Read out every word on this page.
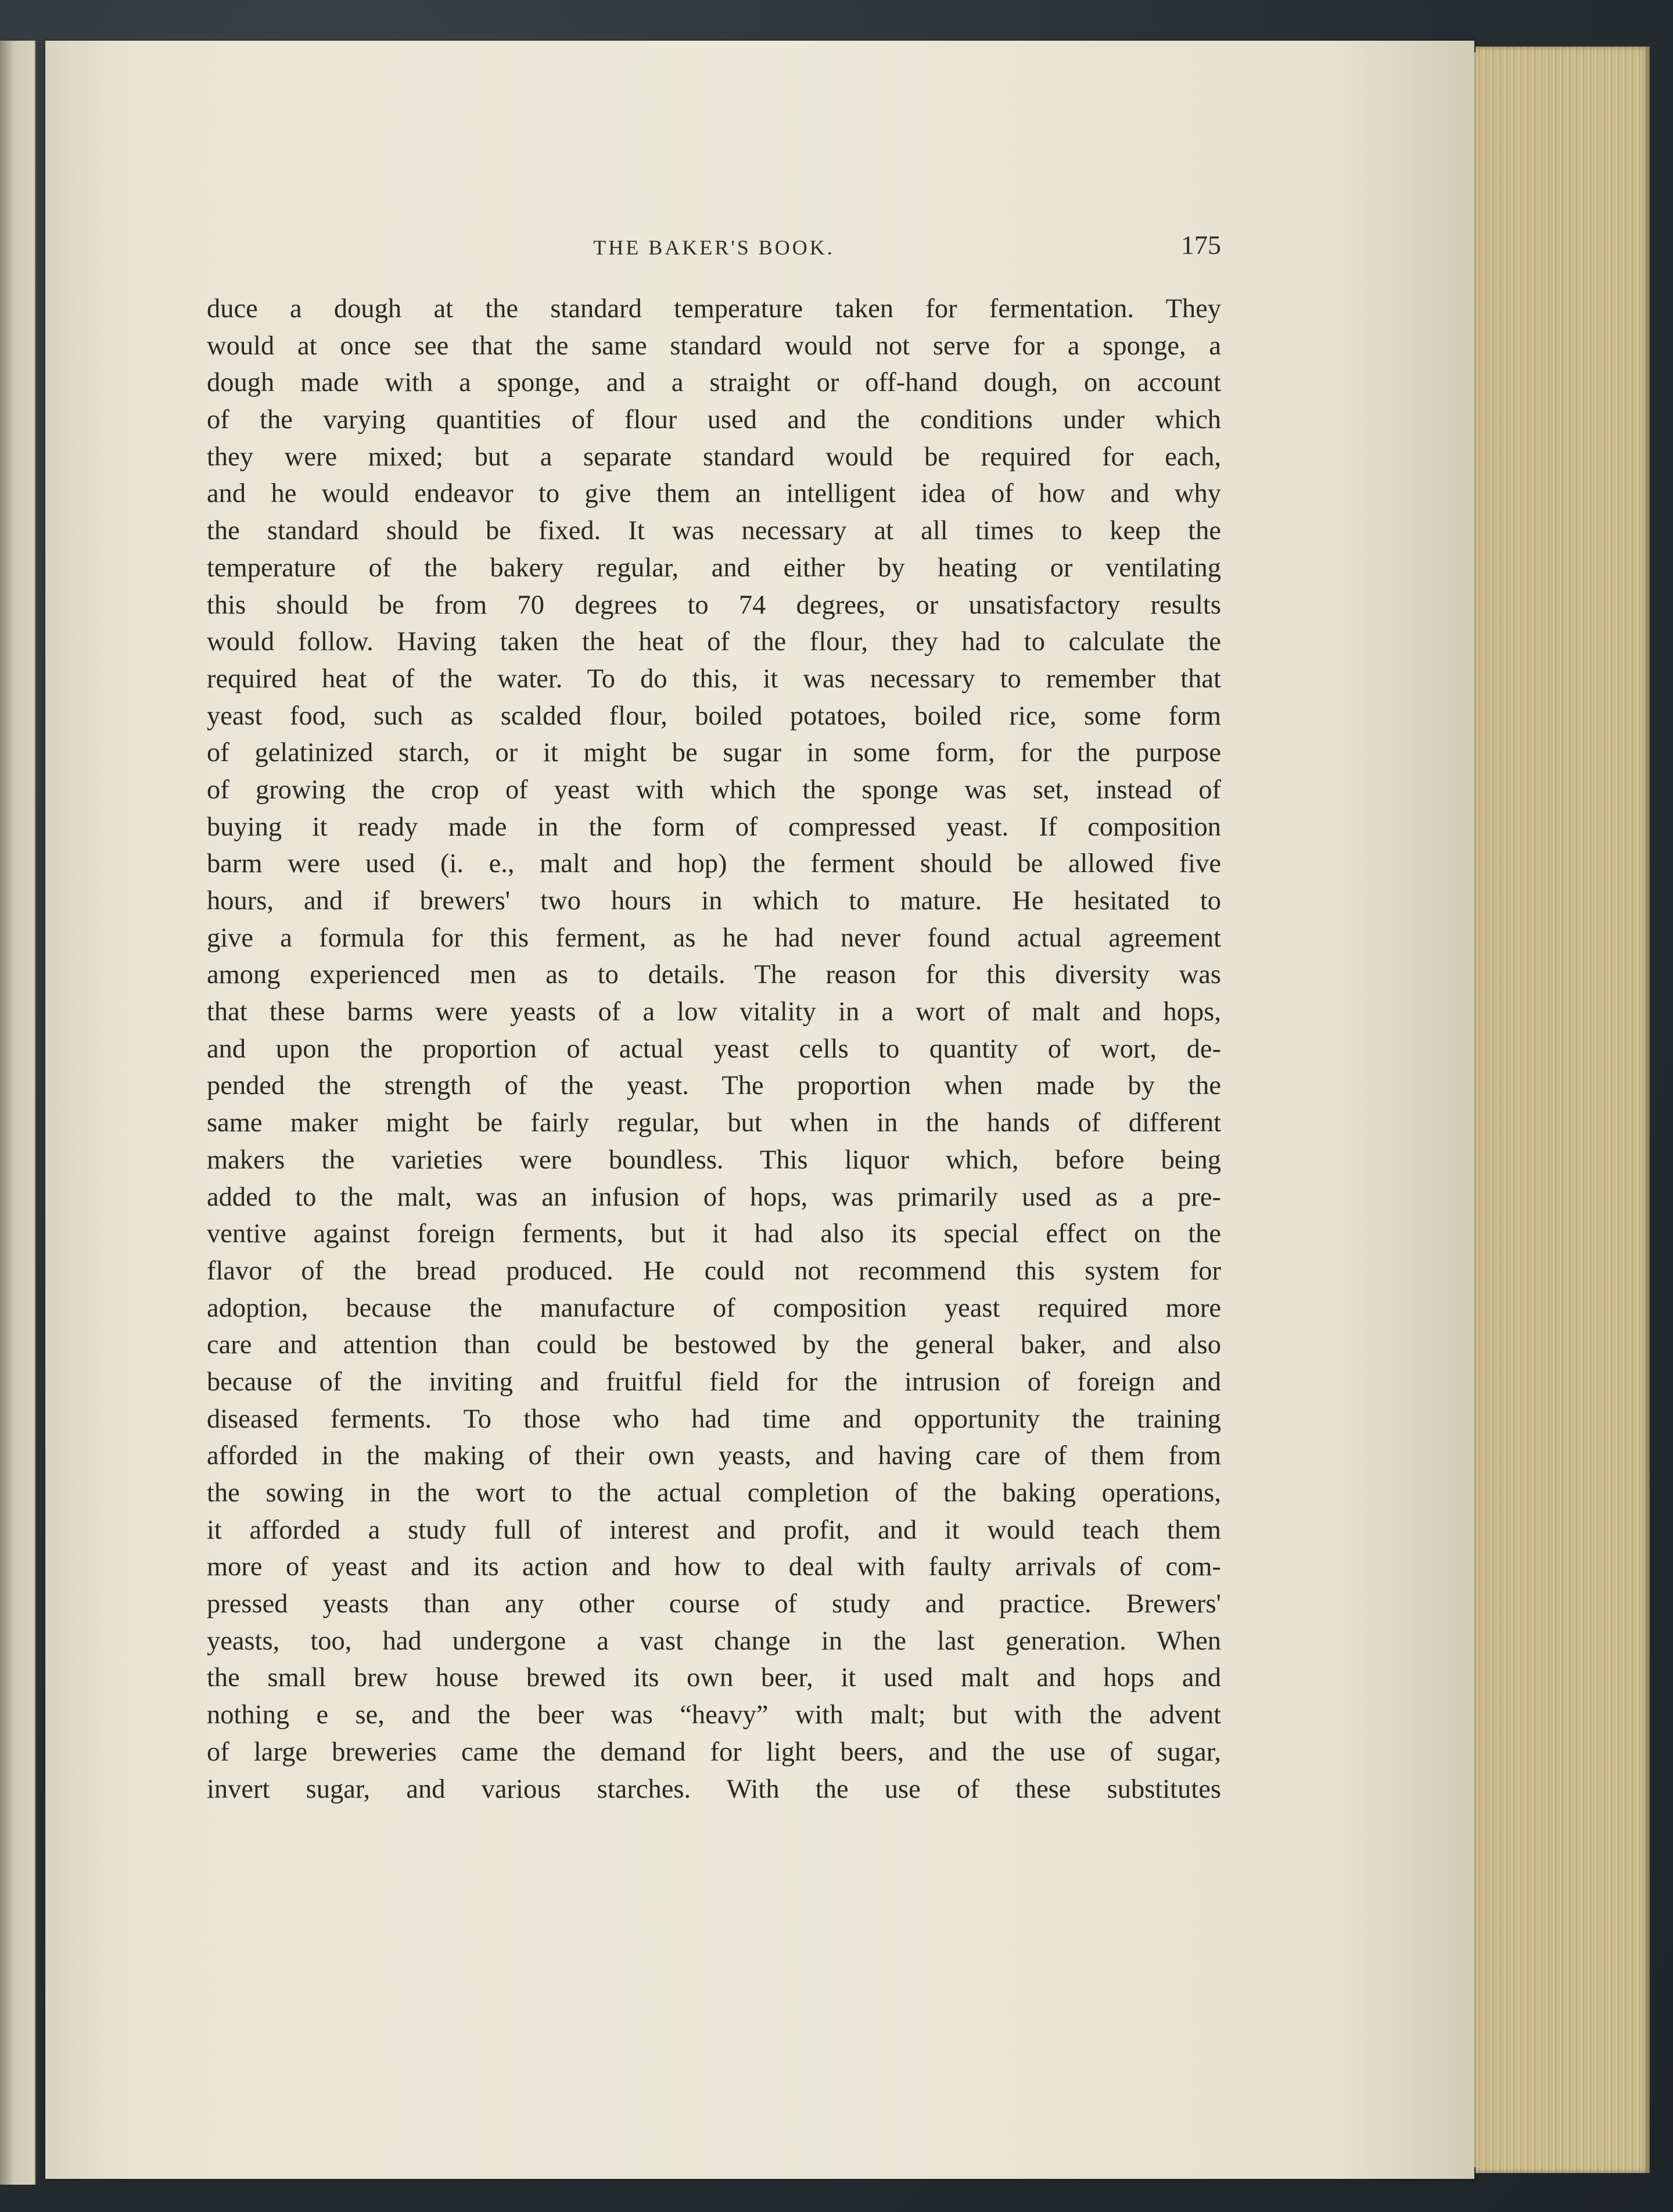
THE BAKER'S BOOK.	175
duce a dough at the standard temperature taken for fermentation. They
would at once see that the same standard would not serve for a sponge, a
dough made with a sponge, and a straight or off-hand dough, on account
of the varying quantities of flour used and the conditions under which
they were mixed; but a separate standard would be required for each,
and he would endeavor to give them an intelligent idea of how and why
the standard should be fixed. It was necessary at all times to keep the
temperature of the bakery regular, and either by heating or ventilating
this should be from 70 degrees to 74 degrees, or unsatisfactory results
would follow. Having taken the heat of the flour, they had to calculate the
required heat of the water. To do this, it was necessary to remember that
yeast food, such as scalded flour, boiled potatoes, boiled rice, some form
of gelatinized starch, or it might be sugar in some form, for the purpose
of growing the crop of yeast with which the sponge was set, instead of
buying it ready made in the form of compressed yeast. If composition
barm were used (i. e., malt and hop) the ferment should be allowed five
hours, and if brewers' two hours in which to mature. He hesitated to
give a formula for this ferment, as he had never found actual agreement
among experienced men as to details. The reason for this diversity was
that these barms were yeasts of a low vitality in a wort of malt and hops,
and upon the proportion of actual yeast cells to quantity of wort, de-
pended the strength of the yeast. The proportion when made by the
same maker might be fairly regular, but when in the hands of different
makers the varieties were boundless. This liquor which, before being
added to the malt, was an infusion of hops, was primarily used as a pre-
ventive against foreign ferments, but it had also its special effect on the
flavor of the bread produced. He could not recommend this system for
adoption, because the manufacture of composition yeast required more
care and attention than could be bestowed by the general baker, and also
because of the inviting and fruitful field for the intrusion of foreign and
diseased ferments. To those who had time and opportunity the training
afforded in the making of their own yeasts, and having care of them from
the sowing in the wort to the actual completion of the baking operations,
it afforded a study full of interest and profit, and it would teach them
more of yeast and its action and how to deal with faulty arrivals of com-
pressed yeasts than any other course of study and practice. Brewers'
yeasts, too, had undergone a vast change in the last generation. When
the small brew house brewed its own beer, it used malt and hops and
nothing e se, and the beer was “heavy” with malt; but with the advent
of large breweries came the demand for light beers, and the use of sugar,
invert sugar, and various starches. With the use of these substitutes
